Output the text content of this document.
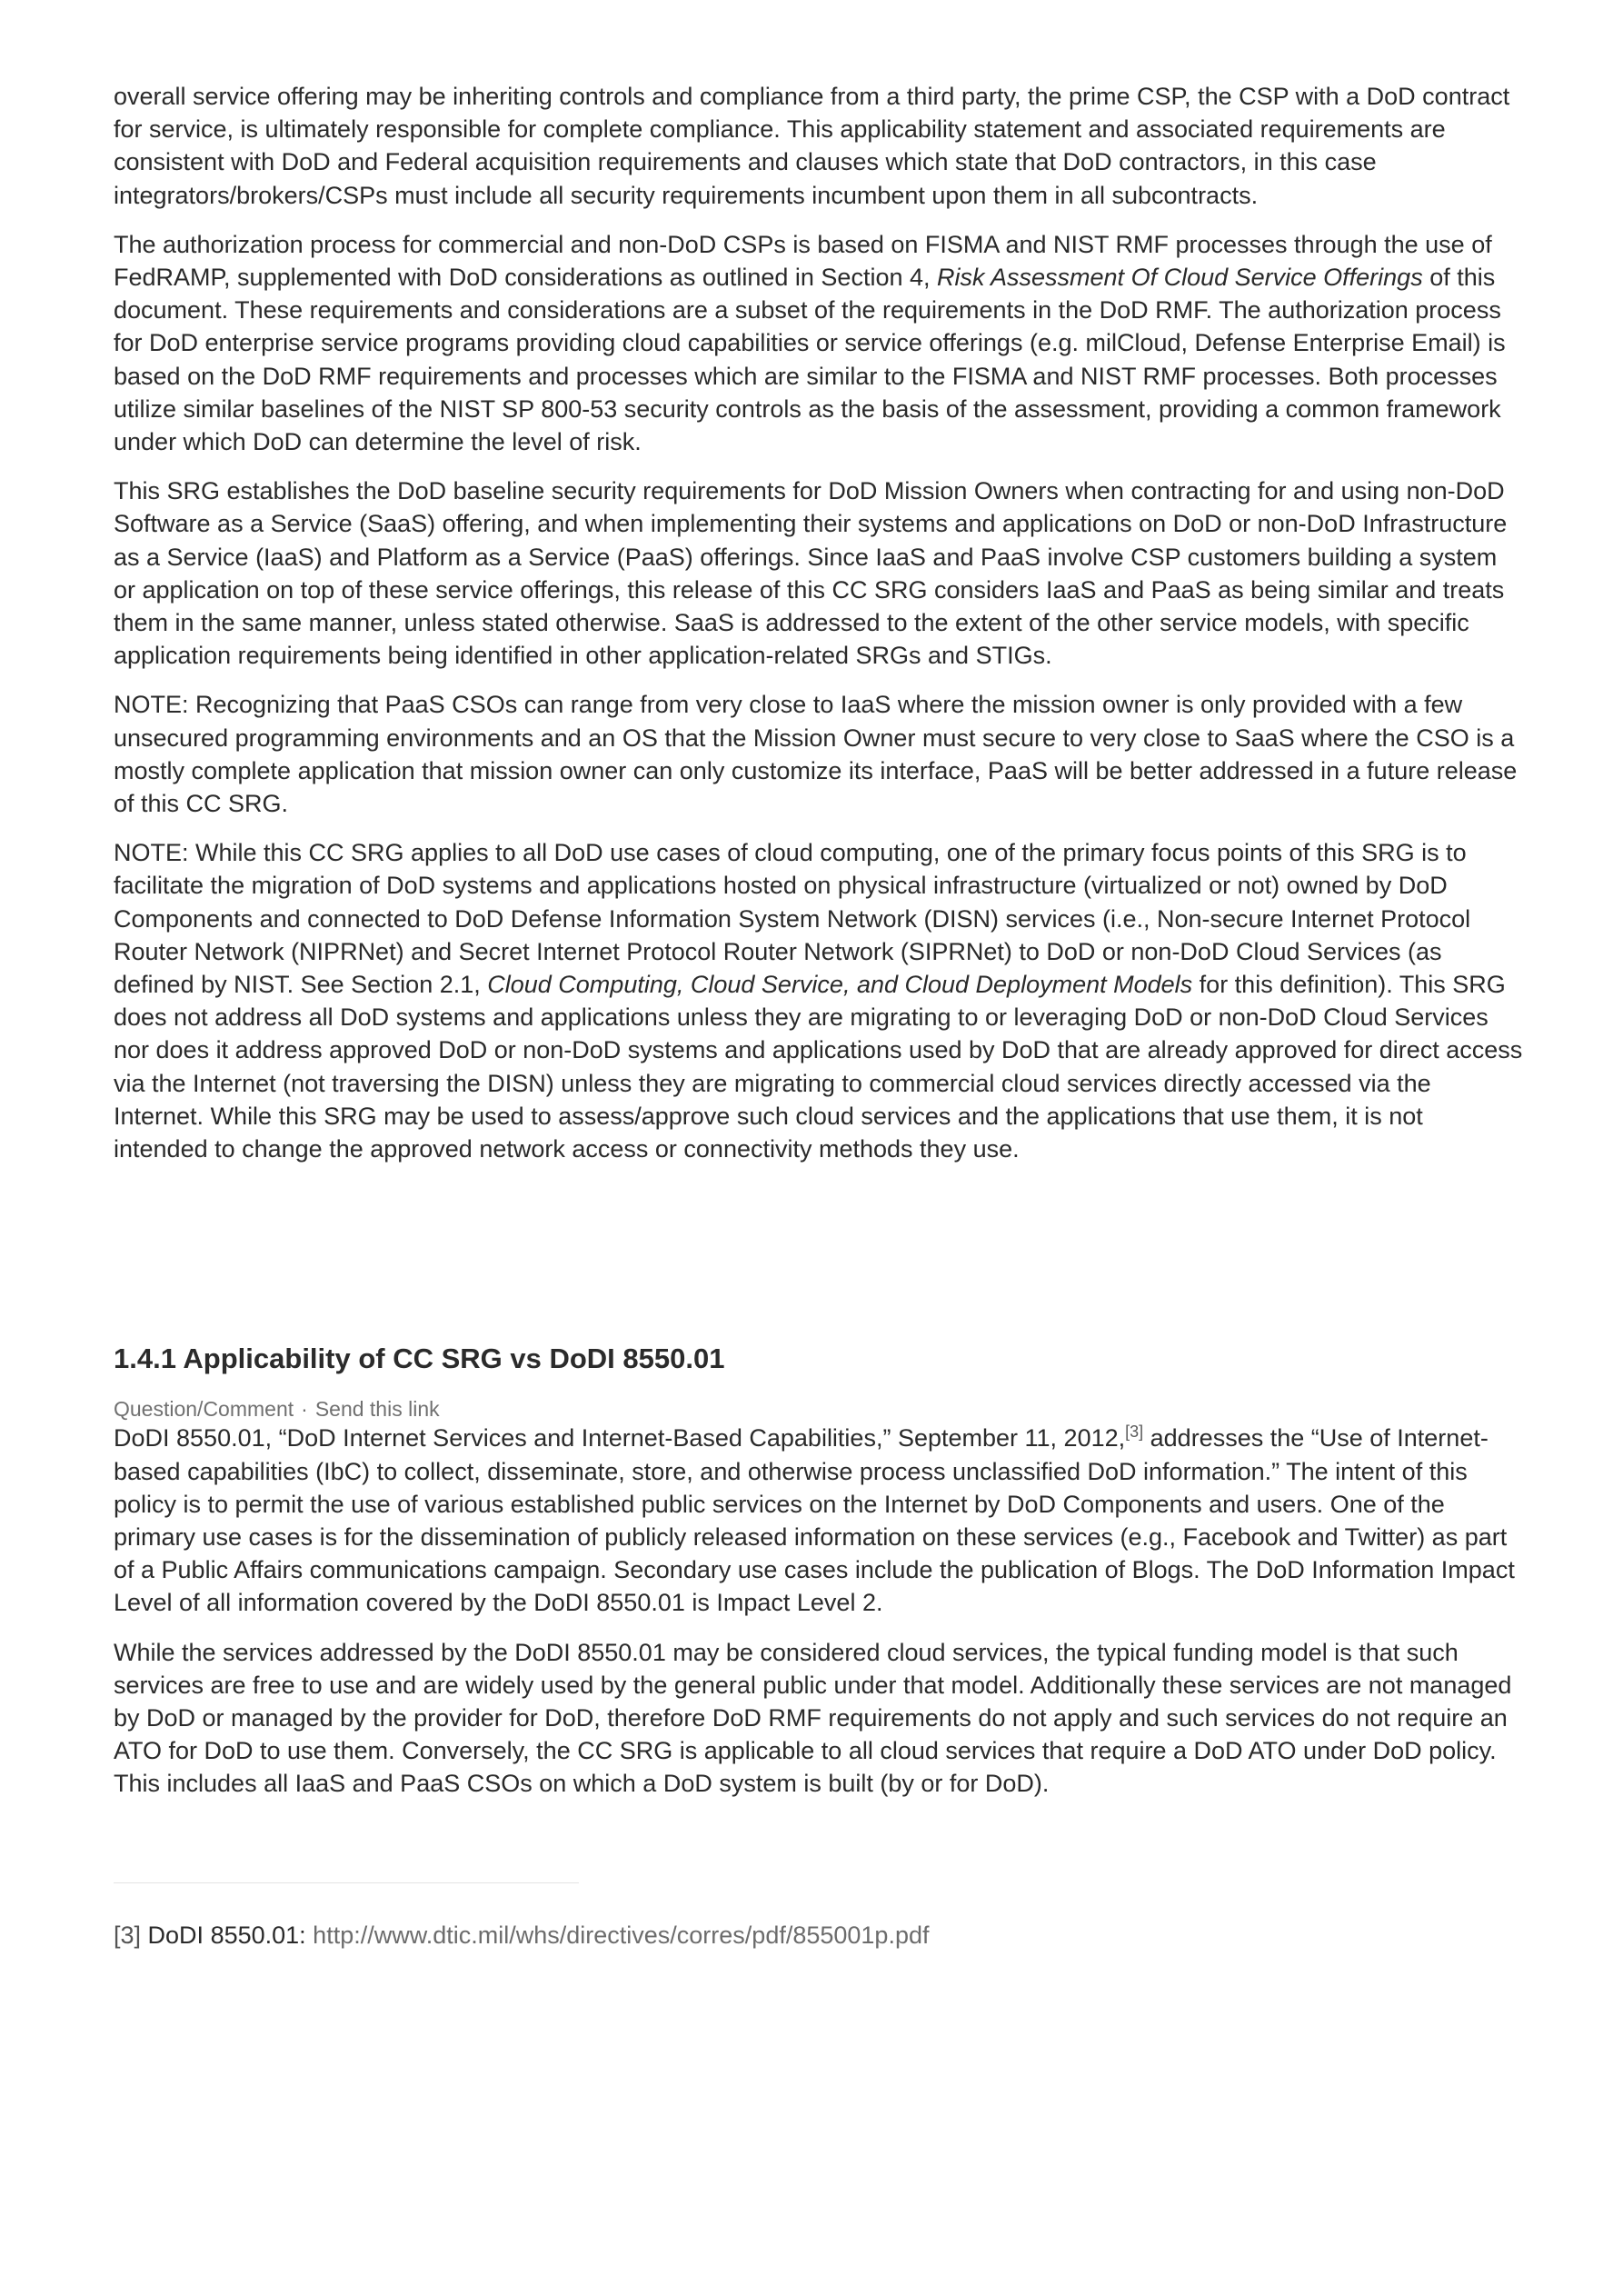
overall service offering may be inheriting controls and compliance from a third party, the prime CSP, the CSP with a DoD contract for service, is ultimately responsible for complete compliance. This applicability statement and associated requirements are consistent with DoD and Federal acquisition requirements and clauses which state that DoD contractors, in this case integrators/brokers/CSPs must include all security requirements incumbent upon them in all subcontracts.

The authorization process for commercial and non-DoD CSPs is based on FISMA and NIST RMF processes through the use of FedRAMP, supplemented with DoD considerations as outlined in Section 4, Risk Assessment Of Cloud Service Offerings of this document. These requirements and considerations are a subset of the requirements in the DoD RMF. The authorization process for DoD enterprise service programs providing cloud capabilities or service offerings (e.g. milCloud, Defense Enterprise Email) is based on the DoD RMF requirements and processes which are similar to the FISMA and NIST RMF processes. Both processes utilize similar baselines of the NIST SP 800-53 security controls as the basis of the assessment, providing a common framework under which DoD can determine the level of risk.

This SRG establishes the DoD baseline security requirements for DoD Mission Owners when contracting for and using non-DoD Software as a Service (SaaS) offering, and when implementing their systems and applications on DoD or non-DoD Infrastructure as a Service (IaaS) and Platform as a Service (PaaS) offerings. Since IaaS and PaaS involve CSP customers building a system or application on top of these service offerings, this release of this CC SRG considers IaaS and PaaS as being similar and treats them in the same manner, unless stated otherwise. SaaS is addressed to the extent of the other service models, with specific application requirements being identified in other application-related SRGs and STIGs.

NOTE: Recognizing that PaaS CSOs can range from very close to IaaS where the mission owner is only provided with a few unsecured programming environments and an OS that the Mission Owner must secure to very close to SaaS where the CSO is a mostly complete application that mission owner can only customize its interface, PaaS will be better addressed in a future release of this CC SRG.

NOTE: While this CC SRG applies to all DoD use cases of cloud computing, one of the primary focus points of this SRG is to facilitate the migration of DoD systems and applications hosted on physical infrastructure (virtualized or not) owned by DoD Components and connected to DoD Defense Information System Network (DISN) services (i.e., Non-secure Internet Protocol Router Network (NIPRNet) and Secret Internet Protocol Router Network (SIPRNet) to DoD or non-DoD Cloud Services (as defined by NIST. See Section 2.1, Cloud Computing, Cloud Service, and Cloud Deployment Models for this definition). This SRG does not address all DoD systems and applications unless they are migrating to or leveraging DoD or non-DoD Cloud Services nor does it address approved DoD or non-DoD systems and applications used by DoD that are already approved for direct access via the Internet (not traversing the DISN) unless they are migrating to commercial cloud services directly accessed via the Internet. While this SRG may be used to assess/approve such cloud services and the applications that use them, it is not intended to change the approved network access or connectivity methods they use.

1.4.1 Applicability of CC SRG vs DoDI 8550.01
Question/Comment · Send this link

DoDI 8550.01, “DoD Internet Services and Internet-Based Capabilities,” September 11, 2012,[3] addresses the “Use of Internet-based capabilities (IbC) to collect, disseminate, store, and otherwise process unclassified DoD information.” The intent of this policy is to permit the use of various established public services on the Internet by DoD Components and users. One of the primary use cases is for the dissemination of publicly released information on these services (e.g., Facebook and Twitter) as part of a Public Affairs communications campaign. Secondary use cases include the publication of Blogs. The DoD Information Impact Level of all information covered by the DoDI 8550.01 is Impact Level 2.

While the services addressed by the DoDI 8550.01 may be considered cloud services, the typical funding model is that such services are free to use and are widely used by the general public under that model. Additionally these services are not managed by DoD or managed by the provider for DoD, therefore DoD RMF requirements do not apply and such services do not require an ATO for DoD to use them. Conversely, the CC SRG is applicable to all cloud services that require a DoD ATO under DoD policy. This includes all IaaS and PaaS CSOs on which a DoD system is built (by or for DoD).

[3] DoDI 8550.01: http://www.dtic.mil/whs/directives/corres/pdf/855001p.pdf
